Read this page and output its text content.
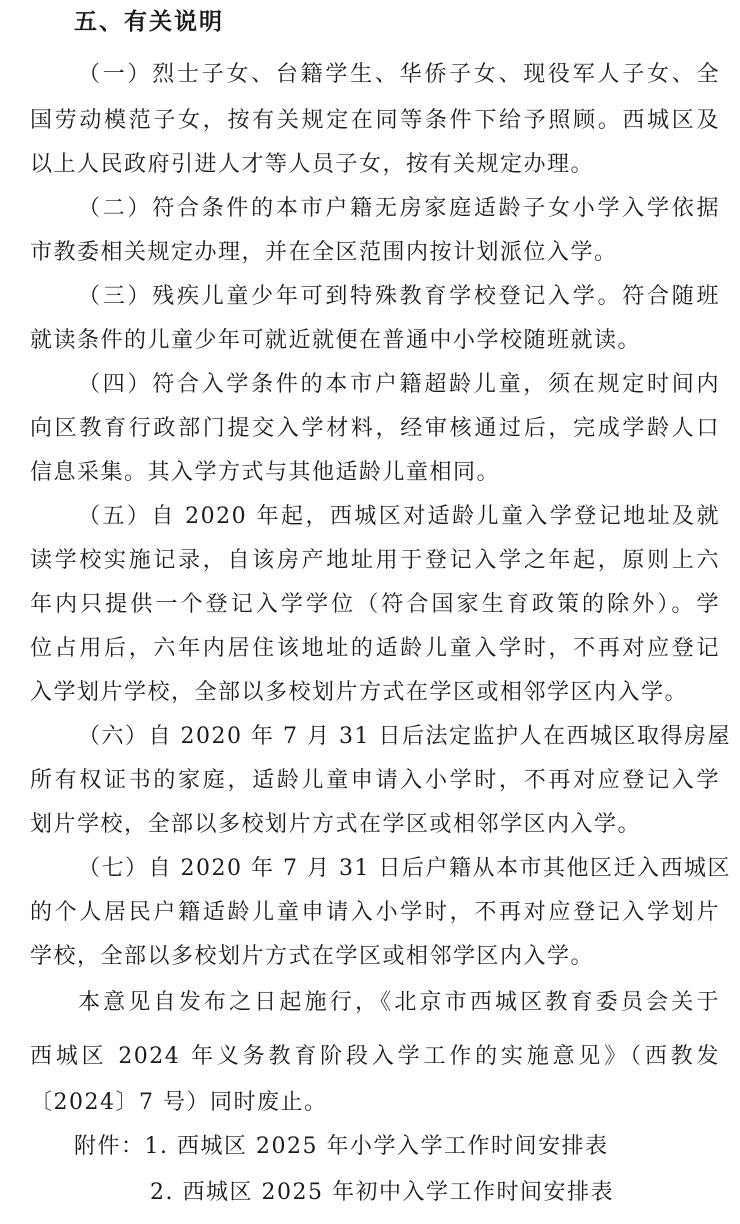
五、有关说明
（一）烈士子女、台籍学生、华侨子女、现役军人子女、全
国劳动模范子女，按有关规定在同等条件下给予照顾。西城区及
以上人民政府引进人才等人员子女，按有关规定办理。
（二）符合条件的本市户籍无房家庭适龄子女小学入学依据
市教委相关规定办理，并在全区范围内按计划派位入学。
（三）残疾儿童少年可到特殊教育学校登记入学。符合随班
就读条件的儿童少年可就近就便在普通中小学校随班就读。
（四）符合入学条件的本市户籍超龄儿童，须在规定时间内
向区教育行政部门提交入学材料，经审核通过后，完成学龄人口
信息采集。其入学方式与其他适龄儿童相同。
（五）自 2020 年起，西城区对适龄儿童入学登记地址及就
读学校实施记录，自该房产地址用于登记入学之年起，原则上六
年内只提供一个登记入学学位（符合国家生育政策的除外）。学
位占用后，六年内居住该地址的适龄儿童入学时，不再对应登记
入学划片学校，全部以多校划片方式在学区或相邻学区内入学。
（六）自 2020 年 7 月 31 日后法定监护人在西城区取得房屋
所有权证书的家庭，适龄儿童申请入小学时，不再对应登记入学
划片学校，全部以多校划片方式在学区或相邻学区内入学。
（七）自 2020 年 7 月 31 日后户籍从本市其他区迁入西城区
的个人居民户籍适龄儿童申请入小学时，不再对应登记入学划片
学校，全部以多校划片方式在学区或相邻学区内入学。
本意见自发布之日起施行，《北京市西城区教育委员会关于
西城区 2024 年义务教育阶段入学工作的实施意见》（西教发
〔2024〕7 号）同时废止。
附件：1. 西城区 2025 年小学入学工作时间安排表
2. 西城区 2025 年初中入学工作时间安排表
